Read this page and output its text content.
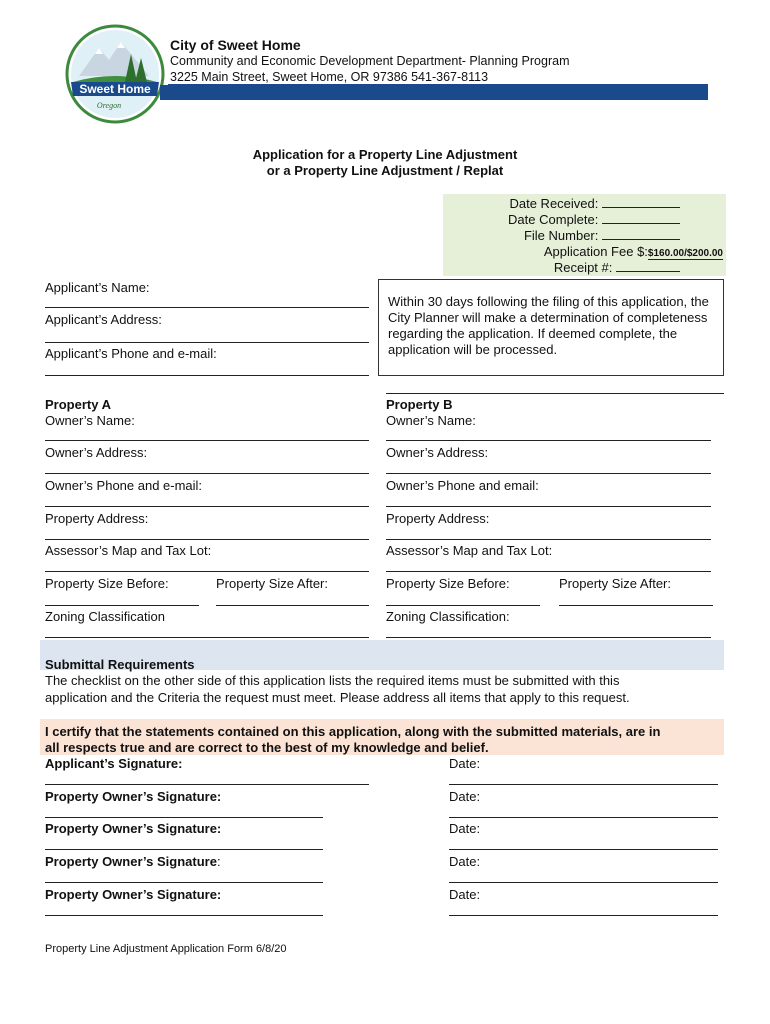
Sweet Home
Oregon
City of Sweet Home
Community and Economic Development Department- Planning Program
3225 Main Street, Sweet Home, OR 97386 541-367-8113
Application for a Property Line Adjustment
or a Property Line Adjustment / Replat
Date Received:
Date Complete:
File Number:
Application Fee $:$160.00/$200.00
Receipt #:
Applicant’s Name:
Applicant’s Address:
Applicant’s Phone and e-mail:
Within 30 days following the filing of this application, the City Planner will make a determination of completeness regarding the application. If deemed complete, the application will be processed.
Property A
Owner’s Name:
Owner’s Address:
Owner’s Phone and e-mail:
Property Address:
Assessor’s Map and Tax Lot:
Property Size Before:	Property Size After:
Zoning Classification
Property B
Owner’s Name:
Owner’s Address:
Owner’s Phone and email:
Property Address:
Assessor’s Map and Tax Lot:
Property Size Before:	Property Size After:
Zoning Classification:
Submittal Requirements
The checklist on the other side of this application lists the required items must be submitted with this
application and the Criteria the request must meet. Please address all items that apply to this request.
I certify that the statements contained on this application, along with the submitted materials, are in
all respects true and are correct to the best of my knowledge and belief.
Applicant’s Signature:	Date:
Property Owner’s Signature:	Date:
Property Owner’s Signature:	Date:
Property Owner’s Signature:	Date:
Property Owner’s Signature:	Date:
Property Line Adjustment Application Form 6/8/20
